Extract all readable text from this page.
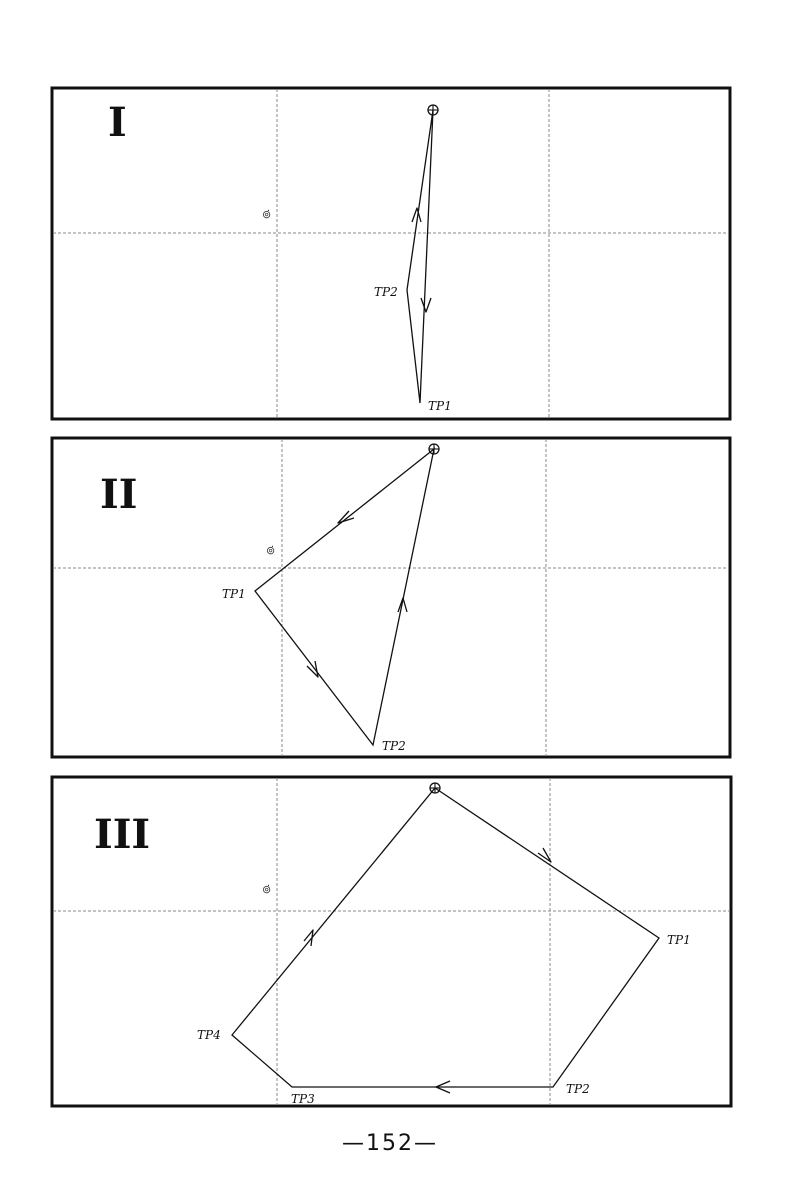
I
⊚̇
TP2
TP1
II
⊚̇
TP1
TP2
III
⊚̇
TP1
TP2
TP3
TP4
—152—
